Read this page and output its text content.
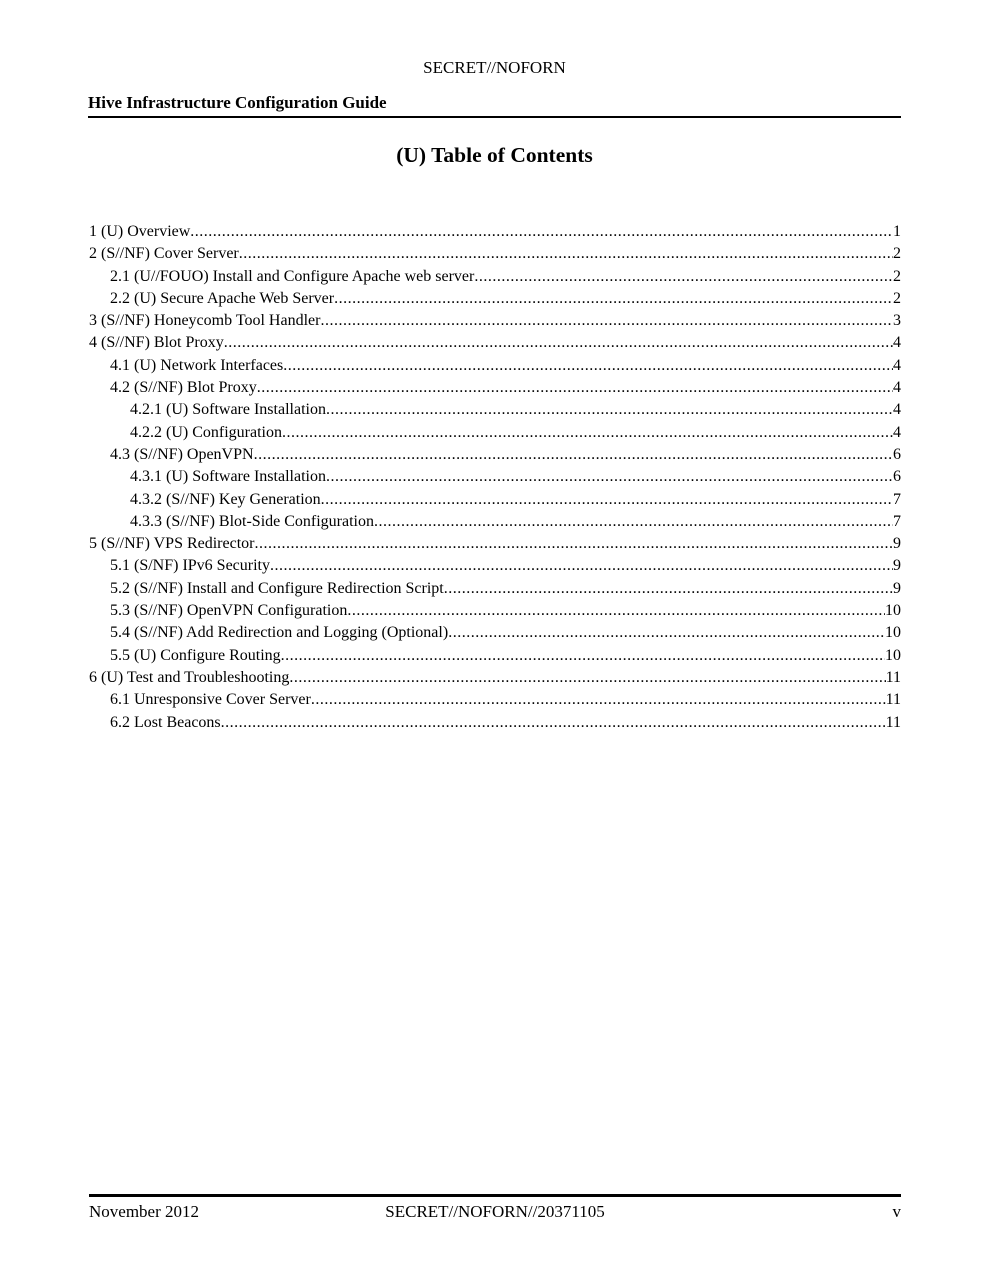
SECRET//NOFORN
Hive Infrastructure Configuration Guide
(U) Table of Contents
1 (U) Overview .....	1
2 (S//NF) Cover Server .....	2
2.1 (U//FOUO) Install and Configure Apache web server .....	2
2.2 (U) Secure Apache Web Server .....	2
3 (S//NF) Honeycomb Tool Handler .....	3
4 (S//NF) Blot Proxy .....	4
4.1 (U) Network Interfaces .....	4
4.2 (S//NF) Blot Proxy .....	4
4.2.1 (U) Software Installation .....	4
4.2.2 (U) Configuration .....	4
4.3 (S//NF) OpenVPN .....	6
4.3.1 (U) Software Installation .....	6
4.3.2 (S//NF) Key Generation .....	7
4.3.3 (S//NF) Blot-Side Configuration .....	7
5 (S//NF) VPS Redirector .....	9
5.1 (S/NF) IPv6 Security .....	9
5.2 (S//NF) Install and Configure Redirection Script .....	9
5.3 (S//NF) OpenVPN Configuration .....	10
5.4 (S//NF) Add Redirection and Logging (Optional) .....	10
5.5 (U) Configure Routing .....	10
6 (U) Test and Troubleshooting .....	11
6.1 Unresponsive Cover Server .....	11
6.2 Lost Beacons .....	11
November 2012	SECRET//NOFORN//20371105	v
